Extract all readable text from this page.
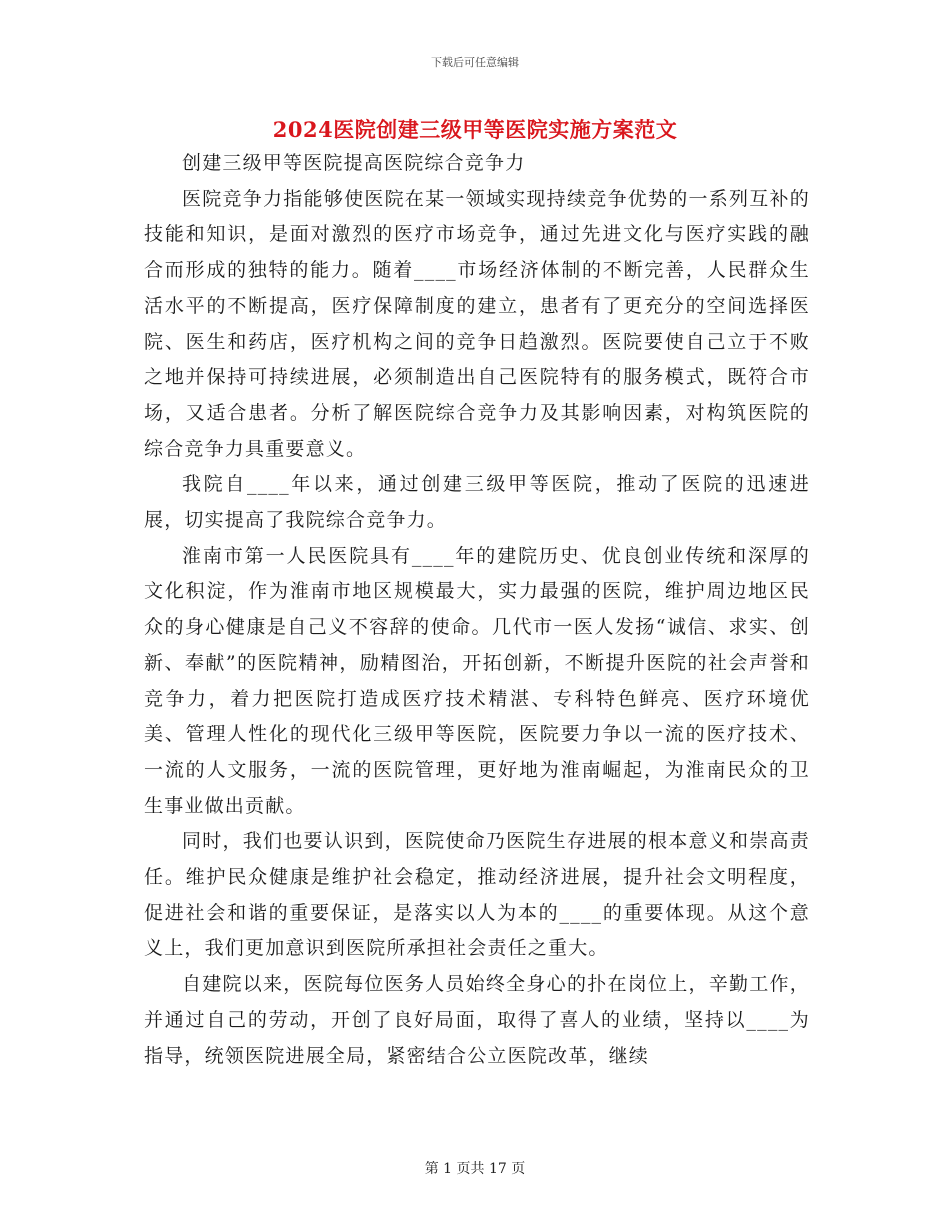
下载后可任意编辑
2024医院创建三级甲等医院实施方案范文

创建三级甲等医院提高医院综合竞争力

医院竞争力指能够使医院在某一领域实现持续竞争优势的一系列互补的技能和知识，是面对激烈的医疗市场竞争，通过先进文化与医疗实践的融合而形成的独特的能力。随着____市场经济体制的不断完善，人民群众生活水平的不断提高，医疗保障制度的建立，患者有了更充分的空间选择医院、医生和药店，医疗机构之间的竞争日趋激烈。医院要使自己立于不败之地并保持可持续进展，必须制造出自己医院特有的服务模式，既符合市场，又适合患者。分析了解医院综合竞争力及其影响因素，对构筑医院的综合竞争力具重要意义。

我院自____年以来，通过创建三级甲等医院，推动了医院的迅速进展，切实提高了我院综合竞争力。

淮南市第一人民医院具有____年的建院历史、优良创业传统和深厚的文化积淀，作为淮南市地区规模最大，实力最强的医院，维护周边地区民众的身心健康是自己义不容辞的使命。几代市一医人发扬“诚信、求实、创新、奉献”的医院精神，励精图治，开拓创新，不断提升医院的社会声誉和竞争力，着力把医院打造成医疗技术精湛、专科特色鲜亮、医疗环境优美、管理人性化的现代化三级甲等医院，医院要力争以一流的医疗技术、一流的人文服务，一流的医院管理，更好地为淮南崛起，为淮南民众的卫生事业做出贡献。

同时，我们也要认识到，医院使命乃医院生存进展的根本意义和崇高责任。维护民众健康是维护社会稳定，推动经济进展，提升社会文明程度，促进社会和谐的重要保证，是落实以人为本的____的重要体现。从这个意义上，我们更加意识到医院所承担社会责任之重大。

自建院以来，医院每位医务人员始终全身心的扑在岗位上，辛勤工作，并通过自己的劳动，开创了良好局面，取得了喜人的业绩，坚持以____为指导，统领医院进展全局，紧密结合公立医院改革，继续

第 1 页共 17 页
